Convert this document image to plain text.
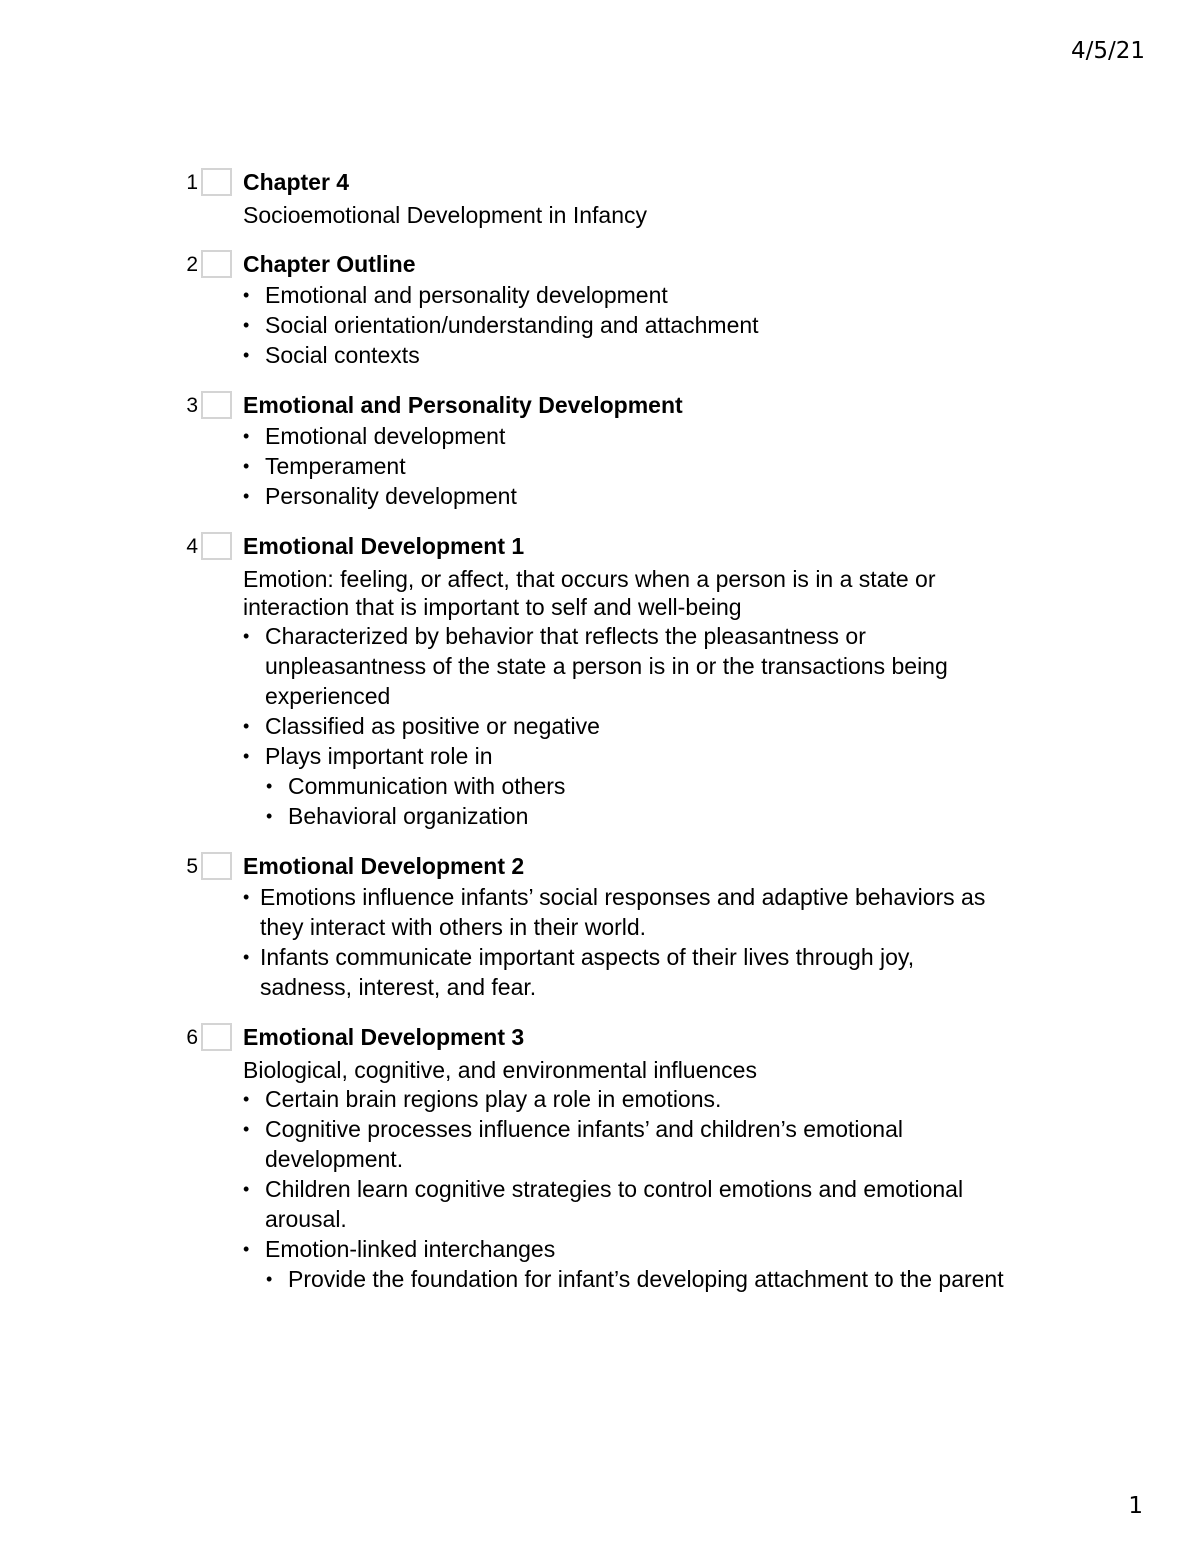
4/5/21
1 Chapter 4
Socioemotional Development in Infancy
2 Chapter Outline
• Emotional and personality development
• Social orientation/understanding and attachment
• Social contexts
3 Emotional and Personality Development
• Emotional development
• Temperament
• Personality development
4 Emotional Development 1
Emotion: feeling, or affect, that occurs when a person is in a state or interaction that is important to self and well-being
• Characterized by behavior that reflects the pleasantness or unpleasantness of the state a person is in or the transactions being experienced
• Classified as positive or negative
• Plays important role in
• Communication with others
• Behavioral organization
5 Emotional Development 2
• Emotions influence infants’ social responses and adaptive behaviors as they interact with others in their world.
• Infants communicate important aspects of their lives through joy, sadness, interest, and fear.
6 Emotional Development 3
Biological, cognitive, and environmental influences
• Certain brain regions play a role in emotions.
• Cognitive processes influence infants’ and children’s emotional development.
• Children learn cognitive strategies to control emotions and emotional arousal.
• Emotion-linked interchanges
• Provide the foundation for infant’s developing attachment to the parent
1
